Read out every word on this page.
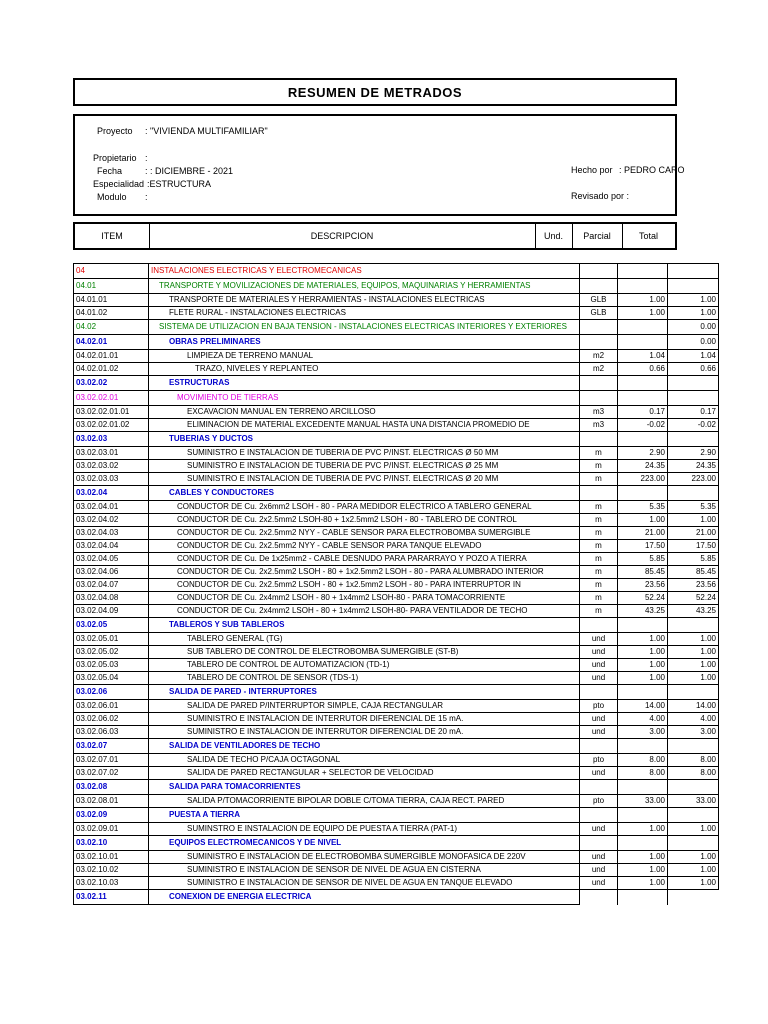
RESUMEN DE METRADOS
Proyecto : "VIVIENDA MULTIFAMILIAR"
Propietario :
Fecha	: : DICIEMBRE - 2021
Especialidad :ESTRUCTURA
Modulo :
Hecho por : PEDRO CARO
Revisado por :
ITEM	DESCRIPCION	Und.	Parcial	Total
04	INSTALACIONES ELECTRICAS Y ELECTROMECANICAS			
04.01	TRANSPORTE Y MOVILIZACIONES DE MATERIALES, EQUIPOS, MAQUINARIAS Y HERRAMIENTAS			
04.01.01	TRANSPORTE DE MATERIALES Y HERRAMIENTAS - INSTALACIONES ELECTRICAS	GLB	1.00	1.00
04.01.02	FLETE RURAL - INSTALACIONES ELECTRICAS	GLB	1.00	1.00
04.02	SISTEMA DE UTILIZACION EN BAJA TENSION - INSTALACIONES ELECTRICAS INTERIORES Y EXTERIORES			0.00
04.02.01	OBRAS PRELIMINARES			0.00
04.02.01.01	LIMPIEZA DE TERRENO MANUAL	m2	1.04	1.04
04.02.01.02	TRAZO, NIVELES Y REPLANTEO	m2	0.66	0.66
03.02.02	ESTRUCTURAS			
03.02.02.01	MOVIMIENTO DE TIERRAS			
03.02.02.01.01	EXCAVACION MANUAL EN TERRENO ARCILLOSO	m3	0.17	0.17
03.02.02.01.02	ELIMINACION DE MATERIAL EXCEDENTE MANUAL HASTA UNA DISTANCIA PROMEDIO DE	m3	-0.02	-0.02
03.02.03	TUBERIAS Y DUCTOS			
03.02.03.01	SUMINISTRO E INSTALACION DE TUBERIA DE PVC P/INST. ELECTRICAS Ø 50 MM	m	2.90	2.90
03.02.03.02	SUMINISTRO E INSTALACION DE TUBERIA DE PVC P/INST. ELECTRICAS Ø 25 MM	m	24.35	24.35
03.02.03.03	SUMINISTRO E INSTALACION DE TUBERIA DE PVC P/INST. ELECTRICAS Ø 20 MM	m	223.00	223.00
03.02.04	CABLES Y CONDUCTORES			
03.02.04.01	CONDUCTOR DE Cu. 2x6mm2 LSOH - 80 - PARA MEDIDOR ELECTRICO A TABLERO GENERAL	m	5.35	5.35
03.02.04.02	CONDUCTOR DE Cu. 2x2.5mm2 LSOH-80 + 1x2.5mm2 LSOH - 80 - TABLERO DE CONTROL	m	1.00	1.00
03.02.04.03	CONDUCTOR DE Cu. 2x2.5mm2 NYY - CABLE SENSOR PARA ELECTROBOMBA SUMERGIBLE	m	21.00	21.00
03.02.04.04	CONDUCTOR DE Cu. 2x2.5mm2 NYY - CABLE SENSOR PARA TANQUE ELEVADO	m	17.50	17.50
03.02.04.05	CONDUCTOR DE Cu. De 1x25mm2 - CABLE DESNUDO PARA PARARRAYO Y POZO A TIERRA	m	5.85	5.85
03.02.04.06	CONDUCTOR DE Cu. 2x2.5mm2 LSOH - 80 + 1x2.5mm2 LSOH - 80 - PARA ALUMBRADO INTERIOR	m	85.45	85.45
03.02.04.07	CONDUCTOR DE Cu. 2x2.5mm2 LSOH - 80 + 1x2.5mm2 LSOH - 80 - PARA INTERRUPTOR IN	m	23.56	23.56
03.02.04.08	CONDUCTOR DE Cu. 2x4mm2 LSOH - 80 + 1x4mm2 LSOH-80 - PARA TOMACORRIENTE	m	52.24	52.24
03.02.04.09	CONDUCTOR DE Cu. 2x4mm2 LSOH - 80 + 1x4mm2 LSOH-80- PARA VENTILADOR DE TECHO	m	43.25	43.25
03.02.05	TABLEROS Y SUB TABLEROS			
03.02.05.01	TABLERO GENERAL (TG)	und	1.00	1.00
03.02.05.02	SUB TABLERO DE CONTROL DE ELECTROBOMBA SUMERGIBLE (ST-B)	und	1.00	1.00
03.02.05.03	TABLERO DE CONTROL DE AUTOMATIZACION (TD-1)	und	1.00	1.00
03.02.05.04	TABLERO DE CONTROL DE SENSOR (TDS-1)	und	1.00	1.00
03.02.06	SALIDA DE PARED - INTERRUPTORES			
03.02.06.01	SALIDA DE PARED P/INTERRUPTOR SIMPLE, CAJA RECTANGULAR	pto	14.00	14.00
03.02.06.02	SUMINISTRO E INSTALACION DE INTERRUTOR DIFERENCIAL DE 15 mA.	und	4.00	4.00
03.02.06.03	SUMINISTRO E INSTALACION DE INTERRUTOR DIFERENCIAL DE 20 mA.	und	3.00	3.00
03.02.07	SALIDA DE VENTILADORES DE TECHO			
03.02.07.01	SALIDA DE TECHO P/CAJA OCTAGONAL	pto	8.00	8.00
03.02.07.02	SALIDA DE PARED RECTANGULAR + SELECTOR DE VELOCIDAD	und	8.00	8.00
03.02.08	SALIDA PARA TOMACORRIENTES			
03.02.08.01	SALIDA P/TOMACORRIENTE BIPOLAR DOBLE C/TOMA TIERRA, CAJA RECT. PARED	pto	33.00	33.00
03.02.09	PUESTA A TIERRA			
03.02.09.01	SUMINSTRO E INSTALACION DE EQUIPO DE PUESTA A TIERRA (PAT-1)	und	1.00	1.00
03.02.10	EQUIPOS ELECTROMECANICOS Y DE NIVEL			
03.02.10.01	SUMINISTRO E INSTALACION DE ELECTROBOMBA SUMERGIBLE MONOFASICA DE 220V	und	1.00	1.00
03.02.10.02	SUMINISTRO E INSTALACION DE SENSOR DE NIVEL DE AGUA EN CISTERNA	und	1.00	1.00
03.02.10.03	SUMINISTRO E INSTALACION DE SENSOR DE NIVEL DE AGUA EN TANQUE ELEVADO	und	1.00	1.00
03.02.11	CONEXION DE ENERGIA ELECTRICA			
